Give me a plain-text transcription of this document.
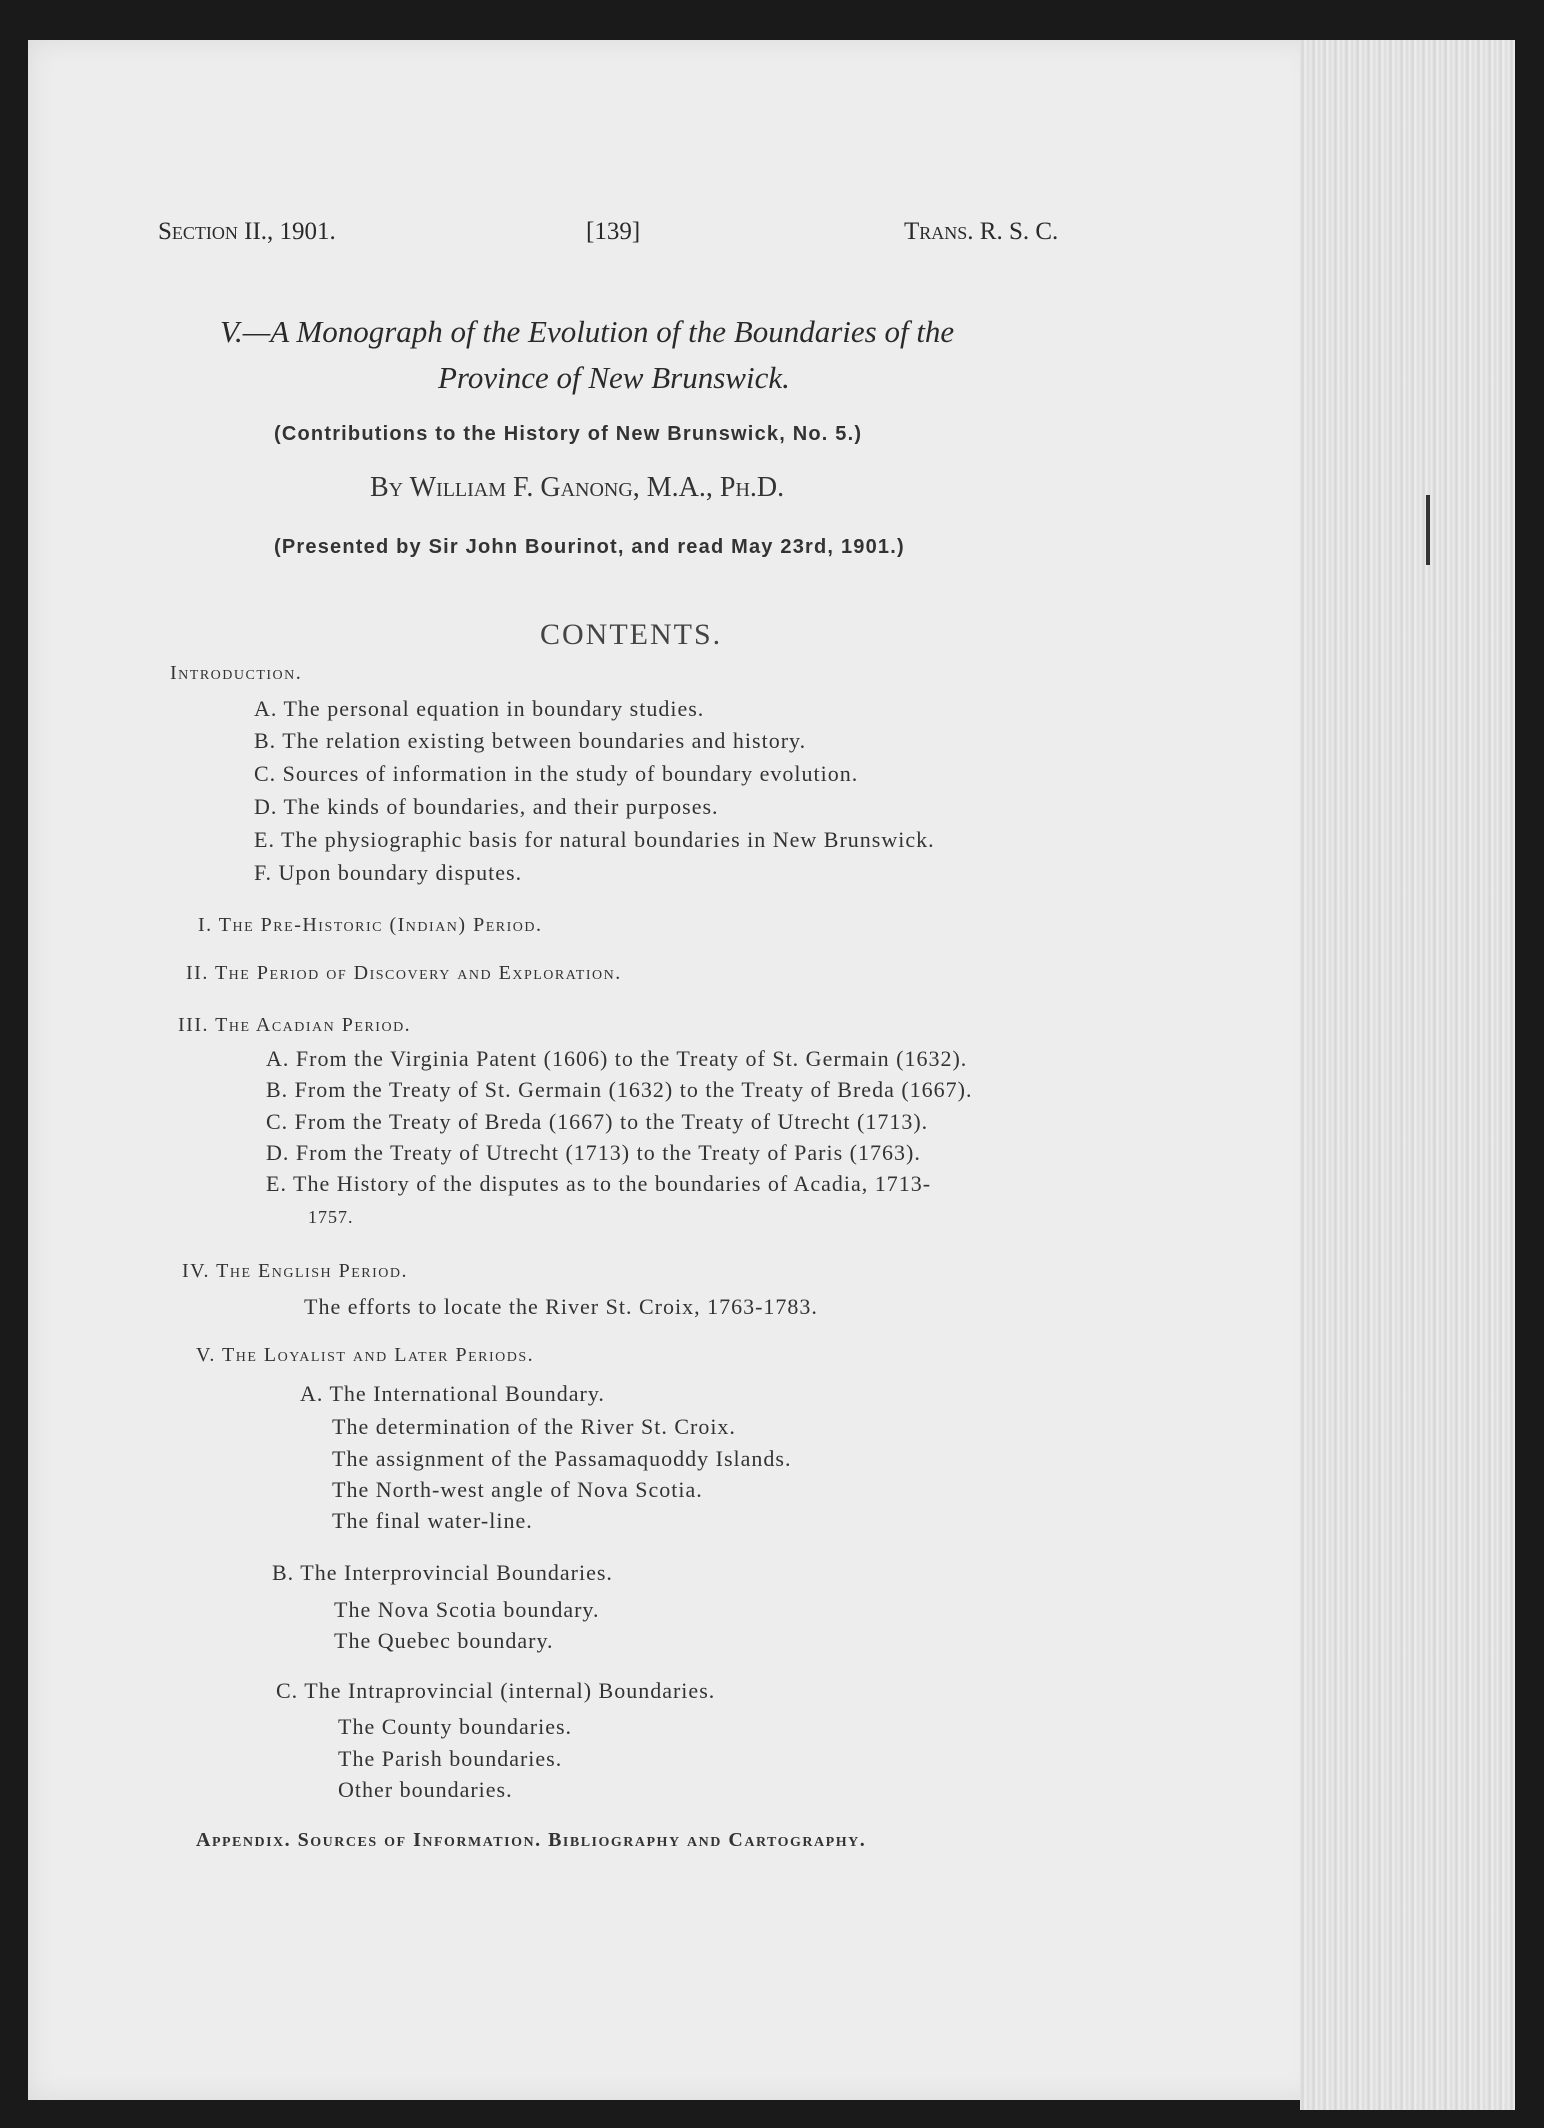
Section II., 1901.	[139]	Trans. R. S. C.
V.—A Monograph of the Evolution of the Boundaries of the
Province of New Brunswick.
(Contributions to the History of New Brunswick, No. 5.)
By William F. Ganong, M.A., Ph.D.
(Presented by Sir John Bourinot, and read May 23rd, 1901.)
CONTENTS.
Introduction.
A. The personal equation in boundary studies.
B. The relation existing between boundaries and history.
C. Sources of information in the study of boundary evolution.
D. The kinds of boundaries, and their purposes.
E. The physiographic basis for natural boundaries in New Brunswick.
F. Upon boundary disputes.
I. The Pre-Historic (Indian) Period.
II. The Period of Discovery and Exploration.
III. The Acadian Period.
A. From the Virginia Patent (1606) to the Treaty of St. Germain (1632).
B. From the Treaty of St. Germain (1632) to the Treaty of Breda (1667).
C. From the Treaty of Breda (1667) to the Treaty of Utrecht (1713).
D. From the Treaty of Utrecht (1713) to the Treaty of Paris (1763).
E. The History of the disputes as to the boundaries of Acadia, 1713-
1757.
IV. The English Period.
The efforts to locate the River St. Croix, 1763-1783.
V. The Loyalist and Later Periods.
A. The International Boundary.
The determination of the River St. Croix.
The assignment of the Passamaquoddy Islands.
The North-west angle of Nova Scotia.
The final water-line.
B. The Interprovincial Boundaries.
The Nova Scotia boundary.
The Quebec boundary.
C. The Intraprovincial (internal) Boundaries.
The County boundaries.
The Parish boundaries.
Other boundaries.
Appendix. Sources of Information. Bibliography and Cartography.
